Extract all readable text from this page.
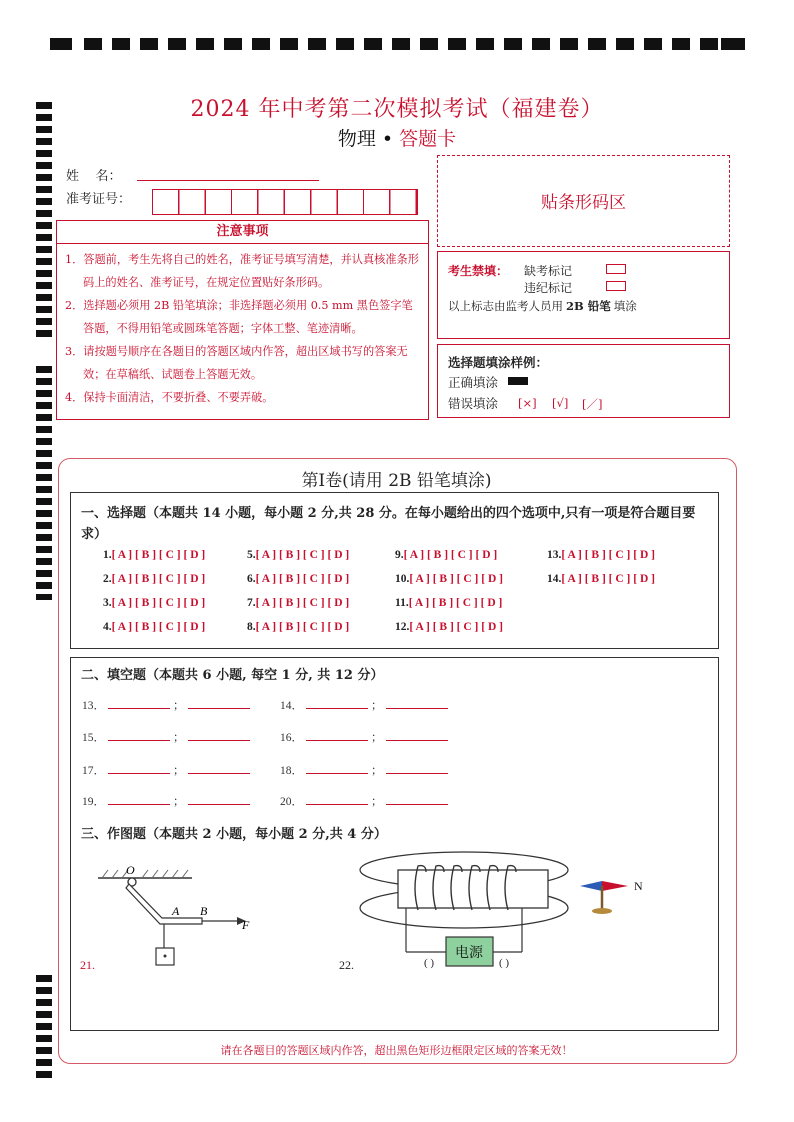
2024 年中考第二次模拟考试（福建卷）
物理 • 答题卡
姓    名：
准考证号：
注意事项
1．答题前，考生先将自己的姓名，准考证号填写清楚，并认真核准条形码上的姓名、准考证号，在规定位置贴好条形码。
2．选择题必须用 2B 铅笔填涂；非选择题必须用 0.5 mm 黑色签字笔答题，不得用铅笔或圆珠笔答题；字体工整、笔迹清晰。
3．请按题号顺序在各题目的答题区域内作答，超出区域书写的答案无效；在草稿纸、试题卷上答题无效。
4．保持卡面清洁，不要折叠、不要弄破。
贴条形码区
考生禁填： 缺考标记
违纪标记
以上标志由监考人员用 2B 铅笔 填涂
选择题填涂样例：
正确填涂
错误填涂 [×] [√] [／]
第Ⅰ卷(请用 2B 铅笔填涂)
一、选择题（本题共 14 小题，每小题 2 分,共 28 分。在每小题给出的四个选项中,只有一项是符合题目要求）
1.[ A ] [ B ] [ C ] [ D ]
2.[ A ] [ B ] [ C ] [ D ]
3.[ A ] [ B ] [ C ] [ D ]
4.[ A ] [ B ] [ C ] [ D ]
5.[ A ] [ B ] [ C ] [ D ]
6.[ A ] [ B ] [ C ] [ D ]
7.[ A ] [ B ] [ C ] [ D ]
8.[ A ] [ B ] [ C ] [ D ]
9.[ A ] [ B ] [ C ] [ D ]
10.[ A ] [ B ] [ C ] [ D ]
11.[ A ] [ B ] [ C ] [ D ]
12.[ A ] [ B ] [ C ] [ D ]
13.[ A ] [ B ] [ C ] [ D ]
14.[ A ] [ B ] [ C ] [ D ]
二、填空题（本题共 6 小题, 每空 1 分, 共 12 分）
13．	；	14．	；
15．	；	16．	；
17．	；	18．	；
19．	；	20．	；
三、作图题（本题共 2 小题，每小题 2 分,共 4 分）
O
A B
F
21.
电源
( )	( )
N
22.
请在各题目的答题区域内作答，超出黑色矩形边框限定区域的答案无效！
